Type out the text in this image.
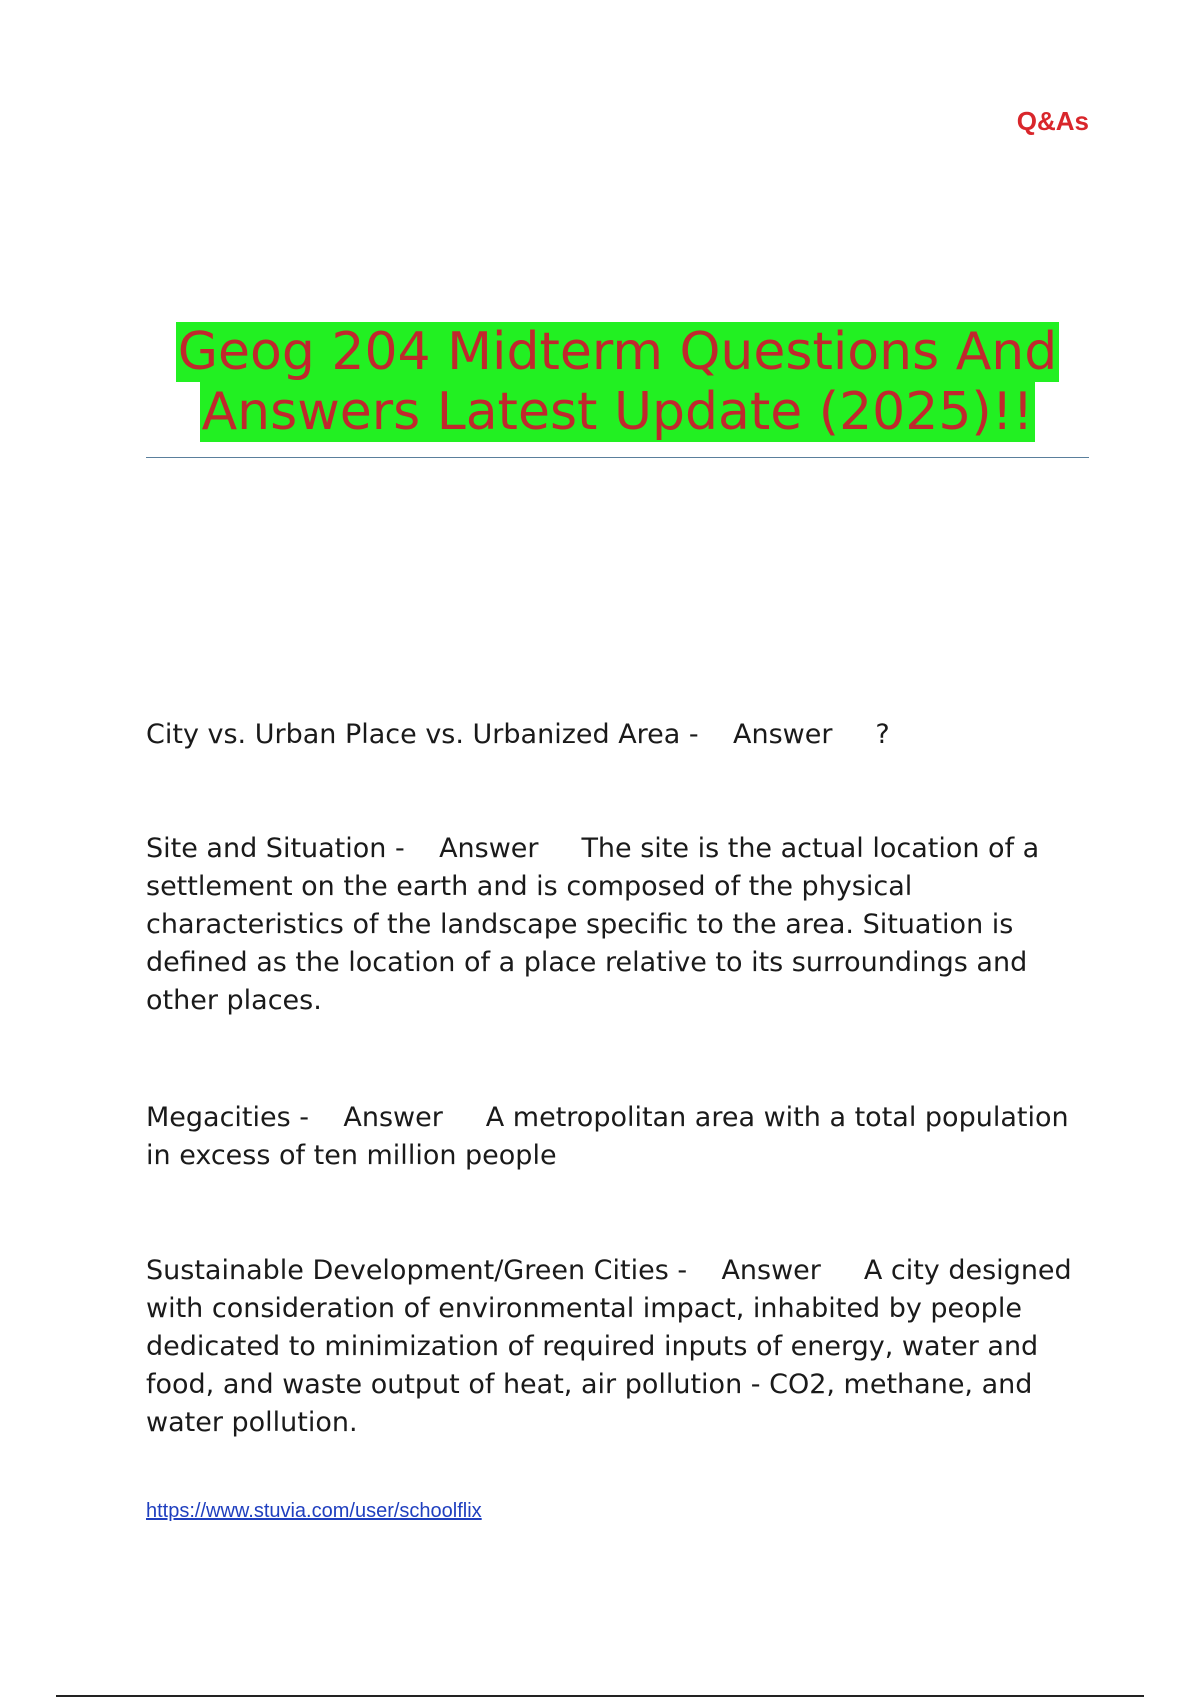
Q&As
Geog 204 Midterm Questions And
Answers Latest Update (2025)!!
City vs. Urban Place vs. Urbanized Area -    Answer ?
Site and Situation -    Answer The site is the actual location of a settlement on the earth and is composed of the physical characteristics of the landscape specific to the area. Situation is defined as the location of a place relative to its surroundings and other places.
Megacities -    Answer A metropolitan area with a total population in excess of ten million people
Sustainable Development/Green Cities -    Answer A city designed with consideration of environmental impact, inhabited by people dedicated to minimization of required inputs of energy, water and food, and waste output of heat, air pollution - CO2, methane, and water pollution.
https://www.stuvia.com/user/schoolflix
